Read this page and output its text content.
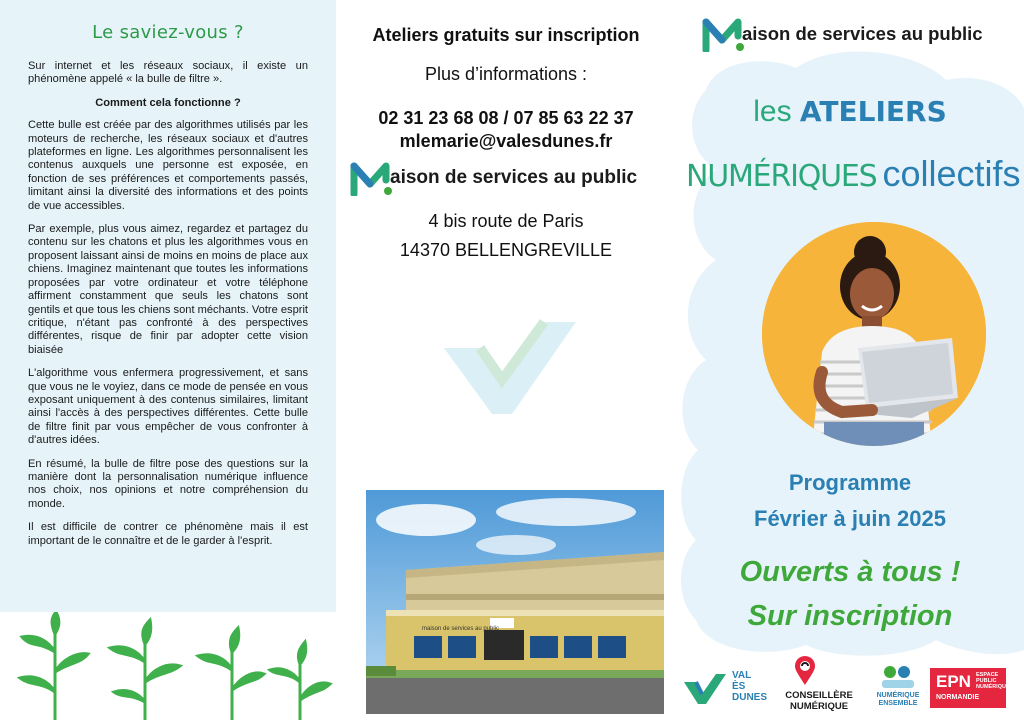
Le saviez-vous ?

Sur internet et les réseaux sociaux, il existe un phénomène appelé « la bulle de filtre ».

Comment cela fonctionne ?

Cette bulle est créée par des algorithmes utilisés par les moteurs de recherche, les réseaux sociaux et d'autres plateformes en ligne. Les algorithmes personnalisent les contenus auxquels une personne est exposée, en fonction de ses préférences et comportements passés, limitant ainsi la diversité des informations et des points de vue accessibles.

Par exemple, plus vous aimez, regardez et partagez du contenu sur les chatons et plus les algorithmes vous en proposent laissant ainsi de moins en moins de place aux chiens. Imaginez maintenant que toutes les informations proposées par votre ordinateur et votre téléphone affirment constamment que seuls les chatons sont gentils et que tous les chiens sont méchants. Votre esprit critique, n'étant pas confronté à des perspectives différentes, risque de finir par adopter cette vision biaisée

L'algorithme vous enfermera progressivement, et sans que vous ne le voyiez, dans ce mode de pensée en vous exposant uniquement à des contenus similaires, limitant ainsi l'accès à des perspectives différentes. Cette bulle de filtre finit par vous empêcher de vous confronter à d'autres idées.

En résumé, la bulle de filtre pose des questions sur la manière dont la personnalisation numérique influence nos choix, nos opinions et notre compréhension du monde.

Il est difficile de contrer ce phénomène mais il est important de le connaître et de le garder à l'esprit.

Ateliers gratuits sur inscription
Plus d’informations :
02 31 23 68 08 / 07 85 63 22 37
mlemarie@valesdunes.fr
aison de services au public
4 bis route de Paris
14370 BELLENGREVILLE
maison de services au public
aison de services au public
les ATELIERS
NUMÉRIQUES collectifs
Programme
Février à juin 2025
Ouverts à tous !
Sur inscription
VAL
ÈS
DUNES	CONSEILLÈRE
NUMÉRIQUE
NUMÉRIQUE
ENSEMBLE
EPN ESPACE
PUBLIC
NUMÉRIQUE
NORMANDIE
